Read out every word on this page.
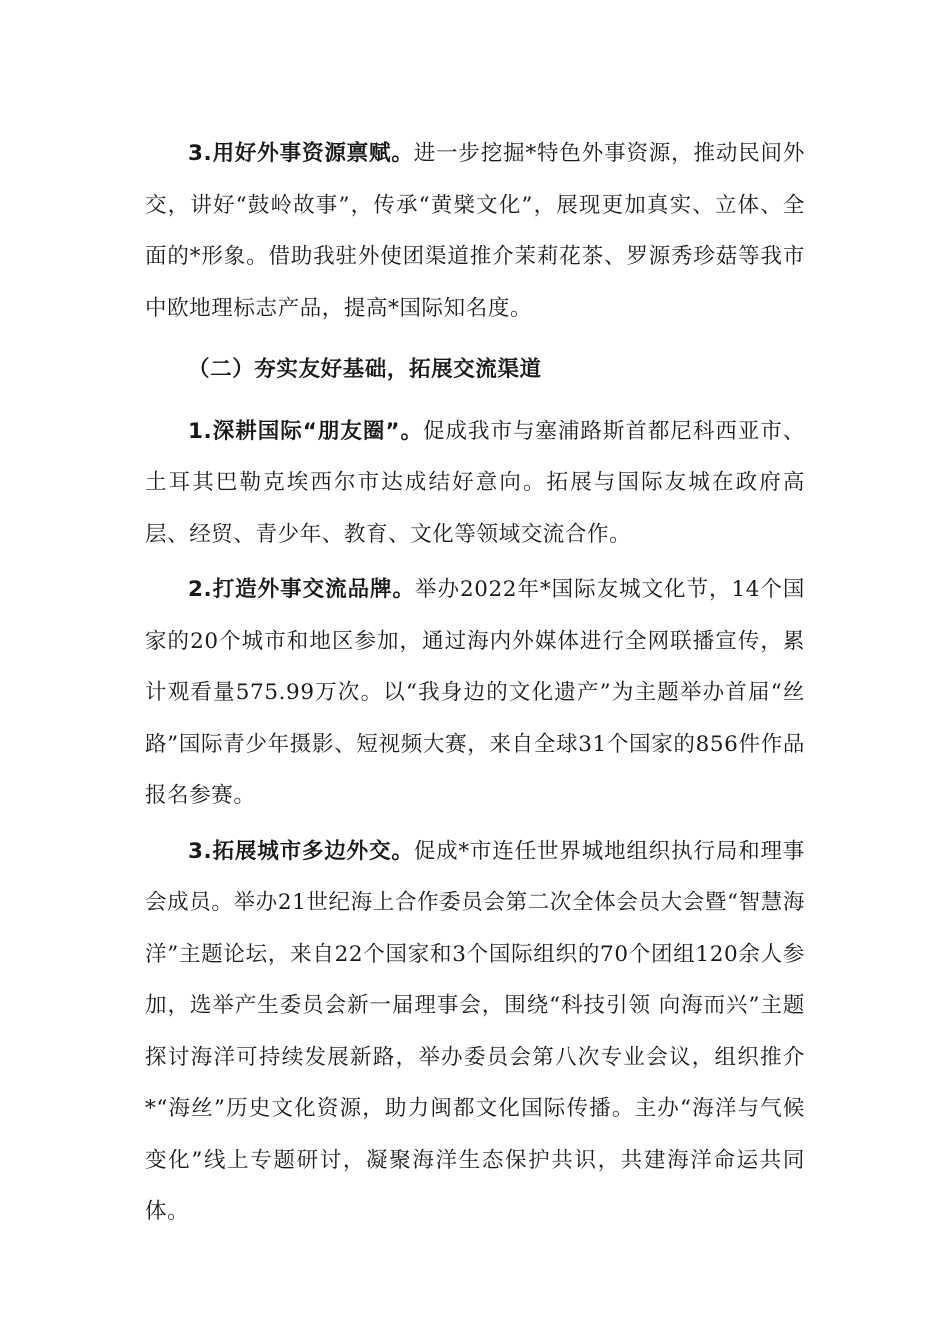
3.用好外事资源禀赋。进一步挖掘*特色外事资源，推动民间外交，讲好“鼓岭故事”，传承“黄檗文化”，展现更加真实、立体、全面的*形象。借助我驻外使团渠道推介茉莉花茶、罗源秀珍菇等我市中欧地理标志产品，提高*国际知名度。

（二）夯实友好基础，拓展交流渠道

1.深耕国际“朋友圈”。促成我市与塞浦路斯首都尼科西亚市、土耳其巴勒克埃西尔市达成结好意向。拓展与国际友城在政府高层、经贸、青少年、教育、文化等领域交流合作。

2.打造外事交流品牌。举办2022年*国际友城文化节，14个国家的20个城市和地区参加，通过海内外媒体进行全网联播宣传，累计观看量575.99万次。以“我身边的文化遗产”为主题举办首届“丝路”国际青少年摄影、短视频大赛，来自全球31个国家的856件作品报名参赛。

3.拓展城市多边外交。促成*市连任世界城地组织执行局和理事会成员。举办21世纪海上合作委员会第二次全体会员大会暨“智慧海洋”主题论坛，来自22个国家和3个国际组织的70个团组120余人参加，选举产生委员会新一届理事会，围绕“科技引领 向海而兴”主题探讨海洋可持续发展新路，举办委员会第八次专业会议，组织推介*“海丝”历史文化资源，助力闽都文化国际传播。主办“海洋与气候变化”线上专题研讨，凝聚海洋生态保护共识，共建海洋命运共同体。
